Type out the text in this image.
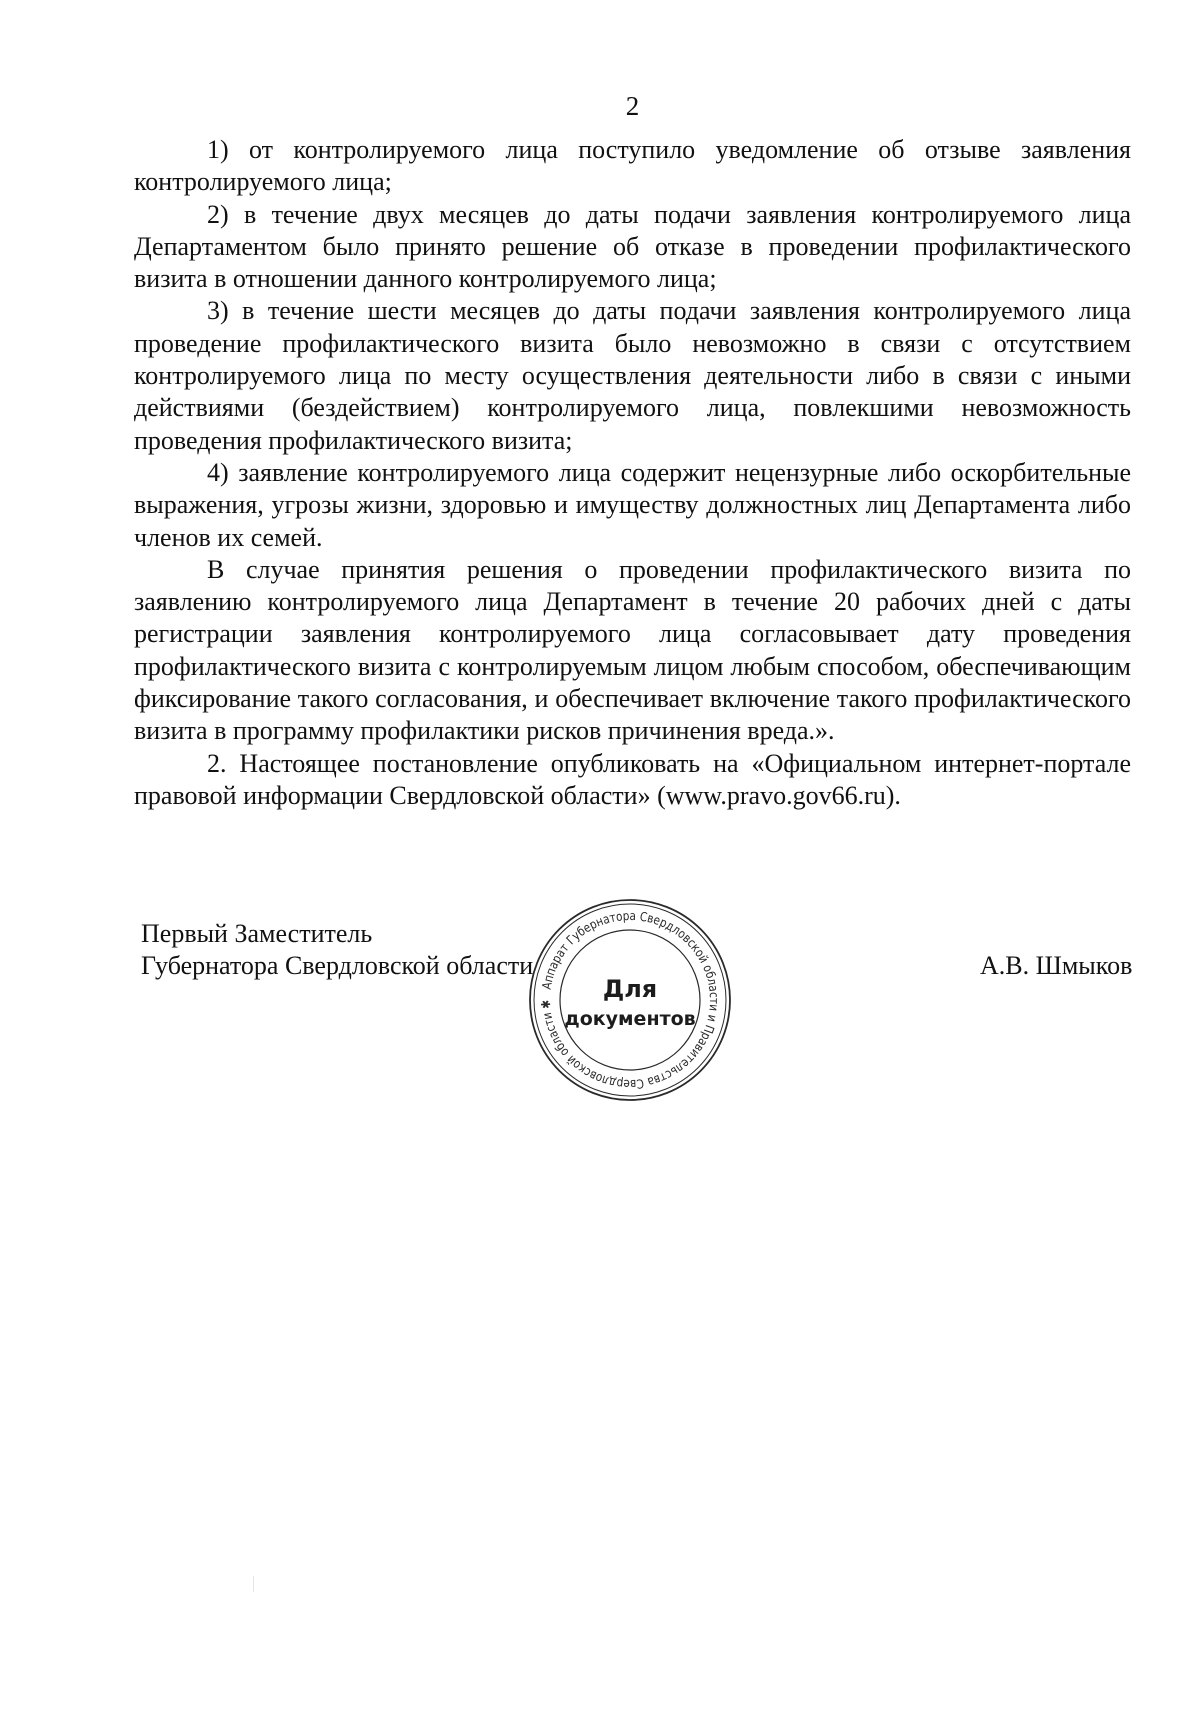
2

1) от контролируемого лица поступило уведомление об отзыве заявления контролируемого лица;

2) в течение двух месяцев до даты подачи заявления контролируемого лица Департаментом было принято решение об отказе в проведении профилактического визита в отношении данного контролируемого лица;

3) в течение шести месяцев до даты подачи заявления контролируемого лица проведение профилактического визита было невозможно в связи с отсутствием контролируемого лица по месту осуществления деятельности либо в связи с иными действиями (бездействием) контролируемого лица, повлекшими невозможность проведения профилактического визита;

4) заявление контролируемого лица содержит нецензурные либо оскорбительные выражения, угрозы жизни, здоровью и имуществу должностных лиц Департамента либо членов их семей.

В случае принятия решения о проведении профилактического визита по заявлению контролируемого лица Департамент в течение 20 рабочих дней с даты регистрации заявления контролируемого лица согласовывает дату проведения профилактического визита с контролируемым лицом любым способом, обеспечивающим фиксирование такого согласования, и обеспечивает включение такого профилактического визита в программу профилактики рисков причинения вреда.».

2. Настоящее постановление опубликовать на «Официальном интернет-портале правовой информации Свердловской области» (www.pravo.gov66.ru).

Первый Заместитель
Губернатора Свердловской области
Аппарат Губернатора Свердловской области и Правительства Свердловской области ✱
Для
документов
А.В. Шмыков
